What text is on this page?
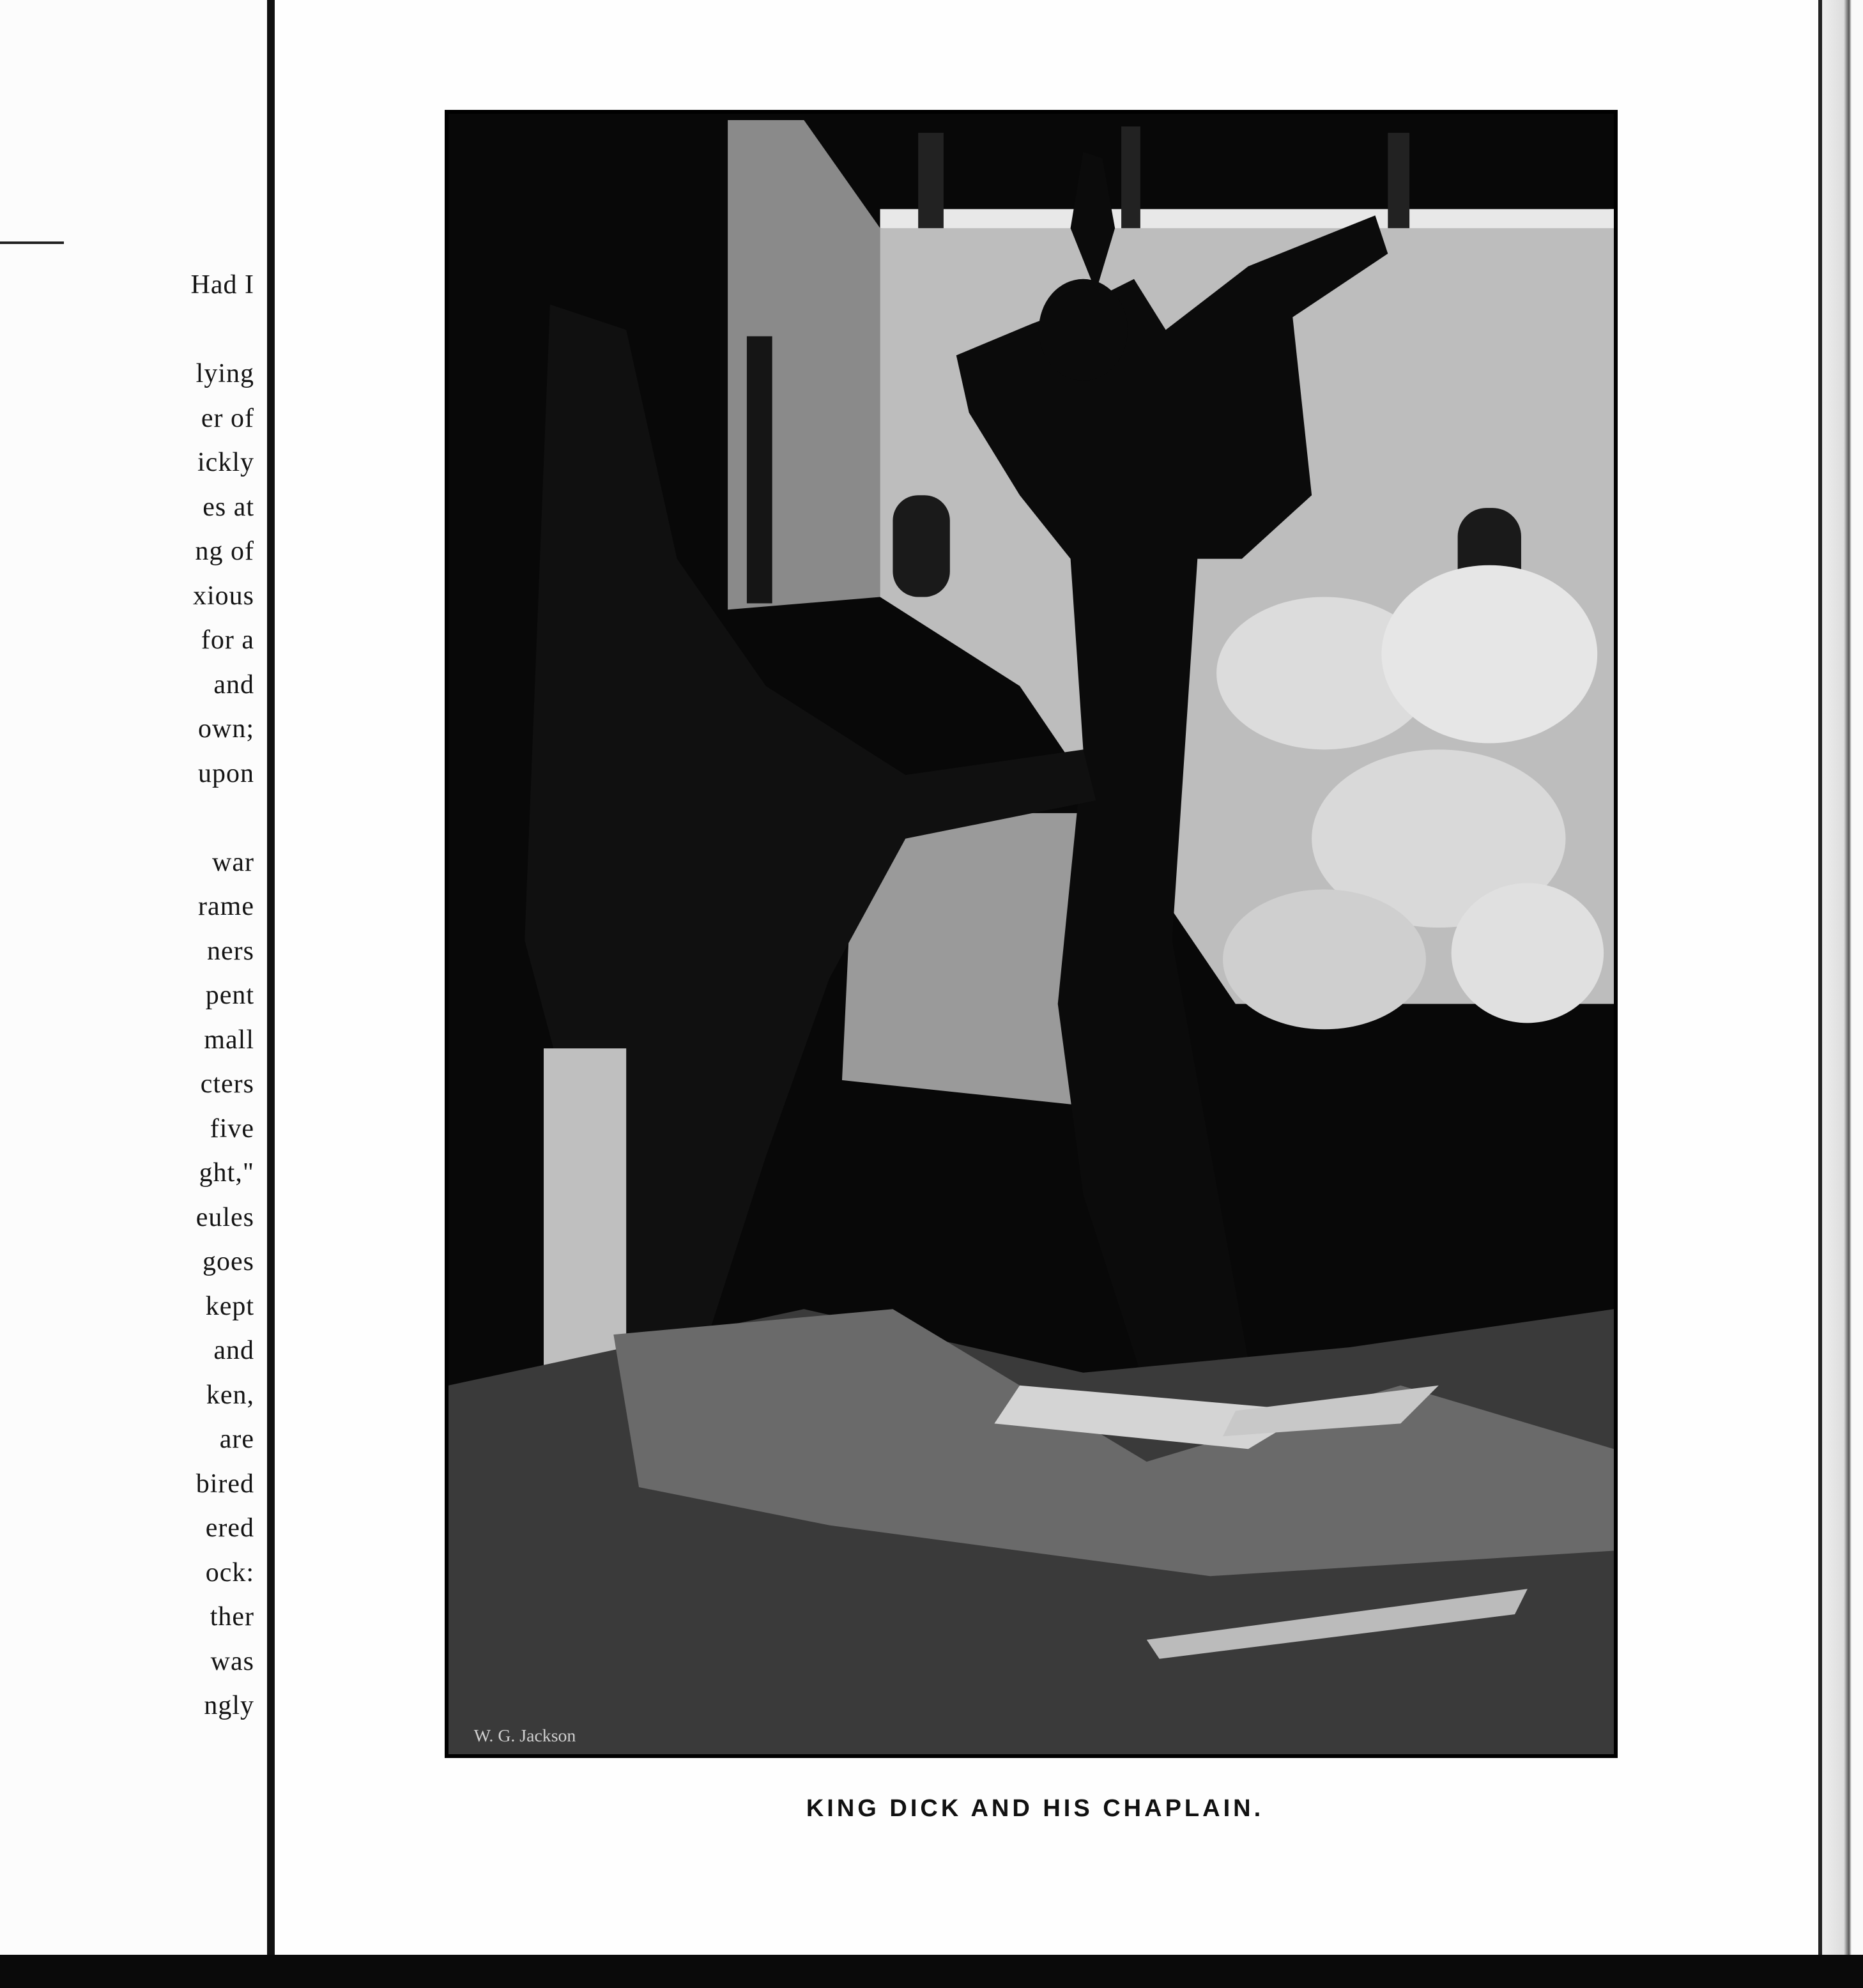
Had I
lying
er of
ickly
es at
ng of
xious
for a
and
own;
upon
war
rame
ners
pent
mall
cters
five
ght,"
eules
goes
kept
and
ken,
are
bired
ered
ock:
ther
was
ngly
W. G. Jackson
KING DICK AND HIS CHAPLAIN.
